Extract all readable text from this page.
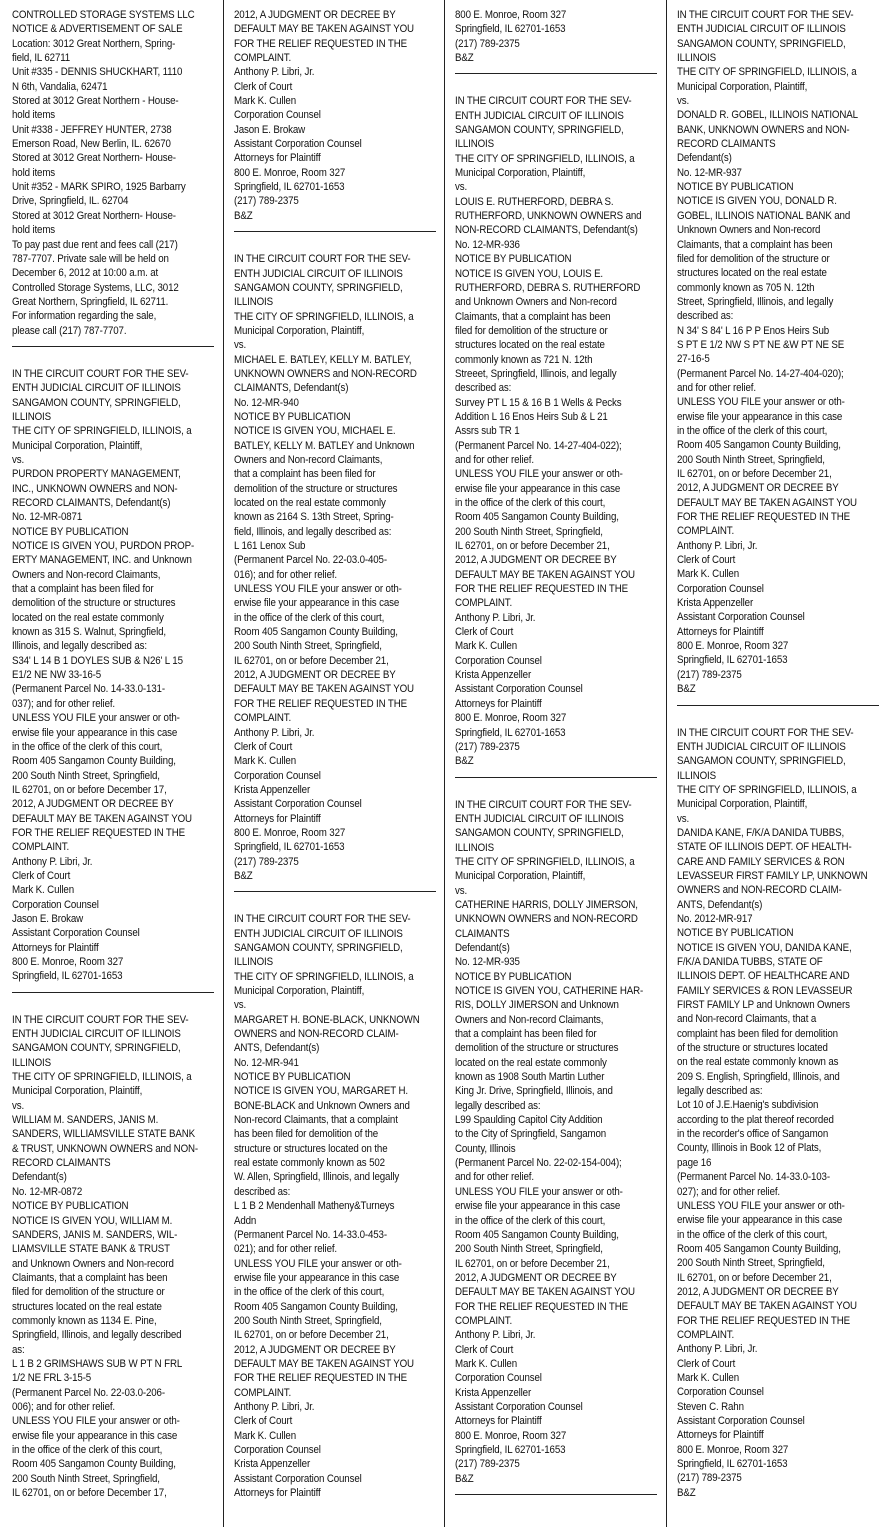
CONTROLLED STORAGE SYSTEMS LLC
NOTICE & ADVERTISEMENT OF SALE
Location: 3012 Great Northern, Spring-
field, IL 62711
Unit #335 - DENNIS SHUCKHART, 1110
N 6th, Vandalia, 62471
Stored at 3012 Great Northern - House-
hold items
Unit #338 - JEFFREY HUNTER, 2738
Emerson Road, New Berlin, IL. 62670
Stored at 3012 Great Northern- House-
hold items
Unit #352 - MARK SPIRO, 1925 Barbarry
Drive, Springfield, IL. 62704
Stored at 3012 Great Northern- House-
hold items
To pay past due rent and fees call (217)
787-7707. Private sale will be held on
December 6, 2012 at 10:00 a.m. at
Controlled Storage Systems, LLC, 3012
Great Northern, Springfield, IL 62711.
For information regarding the sale,
please call (217) 787-7707.
IN THE CIRCUIT COURT FOR THE SEV-
ENTH JUDICIAL CIRCUIT OF ILLINOIS
SANGAMON COUNTY, SPRINGFIELD,
ILLINOIS
THE CITY OF SPRINGFIELD, ILLINOIS, a
Municipal Corporation, Plaintiff,
vs.
PURDON PROPERTY MANAGEMENT,
INC., UNKNOWN OWNERS and NON-
RECORD CLAIMANTS, Defendant(s)
No. 12-MR-0871
NOTICE BY PUBLICATION
NOTICE IS GIVEN YOU, PURDON PROP-
ERTY MANAGEMENT, INC. and Unknown
Owners and Non-record Claimants,
that a complaint has been filed for
demolition of the structure or structures
located on the real estate commonly
known as 315 S. Walnut, Springfield,
Illinois, and legally described as:
S34' L 14 B 1 DOYLES SUB & N26' L 15
E1/2 NE NW 33-16-5
(Permanent Parcel No. 14-33.0-131-
037); and for other relief.
UNLESS YOU FILE your answer or oth-
erwise file your appearance in this case
in the office of the clerk of this court,
Room 405 Sangamon County Building,
200 South Ninth Street, Springfield,
IL 62701, on or before December 17,
2012, A JUDGMENT OR DECREE BY
DEFAULT MAY BE TAKEN AGAINST YOU
FOR THE RELIEF REQUESTED IN THE
COMPLAINT.
Anthony P. Libri, Jr.
Clerk of Court
Mark K. Cullen
Corporation Counsel
Jason E. Brokaw
Assistant Corporation Counsel
Attorneys for Plaintiff
800 E. Monroe, Room 327
Springfield, IL 62701-1653
IN THE CIRCUIT COURT FOR THE SEV-
ENTH JUDICIAL CIRCUIT OF ILLINOIS
SANGAMON COUNTY, SPRINGFIELD,
ILLINOIS
THE CITY OF SPRINGFIELD, ILLINOIS, a
Municipal Corporation, Plaintiff,
vs.
WILLIAM M. SANDERS, JANIS M.
SANDERS, WILLIAMSVILLE STATE BANK
& TRUST, UNKNOWN OWNERS and NON-
RECORD CLAIMANTS
Defendant(s)
No. 12-MR-0872
NOTICE BY PUBLICATION
NOTICE IS GIVEN YOU, WILLIAM M.
SANDERS, JANIS M. SANDERS, WIL-
LIAMSVILLE STATE BANK & TRUST
and Unknown Owners and Non-record
Claimants, that a complaint has been
filed for demolition of the structure or
structures located on the real estate
commonly known as 1134 E. Pine,
Springfield, Illinois, and legally described
as:
L 1 B 2 GRIMSHAWS SUB W PT N FRL
1/2 NE FRL 3-15-5
(Permanent Parcel No. 22-03.0-206-
006); and for other relief.
UNLESS YOU FILE your answer or oth-
erwise file your appearance in this case
in the office of the clerk of this court,
Room 405 Sangamon County Building,
200 South Ninth Street, Springfield,
IL 62701, on or before December 17,
2012, A JUDGMENT OR DECREE BY
DEFAULT MAY BE TAKEN AGAINST YOU
FOR THE RELIEF REQUESTED IN THE
COMPLAINT.
Anthony P. Libri, Jr.
Clerk of Court
Mark K. Cullen
Corporation Counsel
Jason E. Brokaw
Assistant Corporation Counsel
Attorneys for Plaintiff
800 E. Monroe, Room 327
Springfield, IL 62701-1653
(217) 789-2375
B&Z
IN THE CIRCUIT COURT FOR THE SEV-
ENTH JUDICIAL CIRCUIT OF ILLINOIS
SANGAMON COUNTY, SPRINGFIELD,
ILLINOIS
THE CITY OF SPRINGFIELD, ILLINOIS, a
Municipal Corporation, Plaintiff,
vs.
MICHAEL E. BATLEY, KELLY M. BATLEY,
UNKNOWN OWNERS and NON-RECORD
CLAIMANTS, Defendant(s)
No. 12-MR-940
NOTICE BY PUBLICATION
NOTICE IS GIVEN YOU, MICHAEL E.
BATLEY, KELLY M. BATLEY and Unknown
Owners and Non-record Claimants,
that a complaint has been filed for
demolition of the structure or structures
located on the real estate commonly
known as 2164 S. 13th Street, Spring-
field, Illinois, and legally described as:
L 161 Lenox Sub
(Permanent Parcel No. 22-03.0-405-
016); and for other relief.
UNLESS YOU FILE your answer or oth-
erwise file your appearance in this case
in the office of the clerk of this court,
Room 405 Sangamon County Building,
200 South Ninth Street, Springfield,
IL 62701, on or before December 21,
2012, A JUDGMENT OR DECREE BY
DEFAULT MAY BE TAKEN AGAINST YOU
FOR THE RELIEF REQUESTED IN THE
COMPLAINT.
Anthony P. Libri, Jr.
Clerk of Court
Mark K. Cullen
Corporation Counsel
Krista Appenzeller
Assistant Corporation Counsel
Attorneys for Plaintiff
800 E. Monroe, Room 327
Springfield, IL 62701-1653
(217) 789-2375
B&Z
IN THE CIRCUIT COURT FOR THE SEV-
ENTH JUDICIAL CIRCUIT OF ILLINOIS
SANGAMON COUNTY, SPRINGFIELD,
ILLINOIS
THE CITY OF SPRINGFIELD, ILLINOIS, a
Municipal Corporation, Plaintiff,
vs.
MARGARET H. BONE-BLACK, UNKNOWN
OWNERS and NON-RECORD CLAIM-
ANTS, Defendant(s)
No. 12-MR-941
NOTICE BY PUBLICATION
NOTICE IS GIVEN YOU, MARGARET H.
BONE-BLACK and Unknown Owners and
Non-record Claimants, that a complaint
has been filed for demolition of the
structure or structures located on the
real estate commonly known as 502
W. Allen, Springfield, Illinois, and legally
described as:
L 1 B 2 Mendenhall Matheny&Turneys
Addn
(Permanent Parcel No. 14-33.0-453-
021); and for other relief.
UNLESS YOU FILE your answer or oth-
erwise file your appearance in this case
in the office of the clerk of this court,
Room 405 Sangamon County Building,
200 South Ninth Street, Springfield,
IL 62701, on or before December 21,
2012, A JUDGMENT OR DECREE BY
DEFAULT MAY BE TAKEN AGAINST YOU
FOR THE RELIEF REQUESTED IN THE
COMPLAINT.
Anthony P. Libri, Jr.
Clerk of Court
Mark K. Cullen
Corporation Counsel
Krista Appenzeller
Assistant Corporation Counsel
Attorneys for Plaintiff
800 E. Monroe, Room 327
Springfield, IL 62701-1653
(217) 789-2375
B&Z
IN THE CIRCUIT COURT FOR THE SEV-
ENTH JUDICIAL CIRCUIT OF ILLINOIS
SANGAMON COUNTY, SPRINGFIELD,
ILLINOIS
THE CITY OF SPRINGFIELD, ILLINOIS, a
Municipal Corporation, Plaintiff,
vs.
LOUIS E. RUTHERFORD, DEBRA S.
RUTHERFORD, UNKNOWN OWNERS and
NON-RECORD CLAIMANTS, Defendant(s)
No. 12-MR-936
NOTICE BY PUBLICATION
NOTICE IS GIVEN YOU, LOUIS E.
RUTHERFORD, DEBRA S. RUTHERFORD
and Unknown Owners and Non-record
Claimants, that a complaint has been
filed for demolition of the structure or
structures located on the real estate
commonly known as 721 N. 12th
Streeet, Springfield, Illinois, and legally
described as:
Survey PT L 15 & 16 B 1 Wells & Pecks
Addition L 16 Enos Heirs Sub & L 21
Assrs sub TR 1
(Permanent Parcel No. 14-27-404-022);
and for other relief.
UNLESS YOU FILE your answer or oth-
erwise file your appearance in this case
in the office of the clerk of this court,
Room 405 Sangamon County Building,
200 South Ninth Street, Springfield,
IL 62701, on or before December 21,
2012, A JUDGMENT OR DECREE BY
DEFAULT MAY BE TAKEN AGAINST YOU
FOR THE RELIEF REQUESTED IN THE
COMPLAINT.
Anthony P. Libri, Jr.
Clerk of Court
Mark K. Cullen
Corporation Counsel
Krista Appenzeller
Assistant Corporation Counsel
Attorneys for Plaintiff
800 E. Monroe, Room 327
Springfield, IL 62701-1653
(217) 789-2375
B&Z
IN THE CIRCUIT COURT FOR THE SEV-
ENTH JUDICIAL CIRCUIT OF ILLINOIS
SANGAMON COUNTY, SPRINGFIELD,
ILLINOIS
THE CITY OF SPRINGFIELD, ILLINOIS, a
Municipal Corporation, Plaintiff,
vs.
CATHERINE HARRIS, DOLLY JIMERSON,
UNKNOWN OWNERS and NON-RECORD
CLAIMANTS
Defendant(s)
No. 12-MR-935
NOTICE BY PUBLICATION
NOTICE IS GIVEN YOU, CATHERINE HAR-
RIS, DOLLY JIMERSON and Unknown
Owners and Non-record Claimants,
that a complaint has been filed for
demolition of the structure or structures
located on the real estate commonly
known as 1908 South Martin Luther
King Jr. Drive, Springfield, Illinois, and
legally described as:
L99 Spaulding Capitol City Addition
to the City of Springfield, Sangamon
County, Illinois
(Permanent Parcel No. 22-02-154-004);
and for other relief.
UNLESS YOU FILE your answer or oth-
erwise file your appearance in this case
in the office of the clerk of this court,
Room 405 Sangamon County Building,
200 South Ninth Street, Springfield,
IL 62701, on or before December 21,
2012, A JUDGMENT OR DECREE BY
DEFAULT MAY BE TAKEN AGAINST YOU
FOR THE RELIEF REQUESTED IN THE
COMPLAINT.
Anthony P. Libri, Jr.
Clerk of Court
Mark K. Cullen
Corporation Counsel
Krista Appenzeller
Assistant Corporation Counsel
Attorneys for Plaintiff
800 E. Monroe, Room 327
Springfield, IL 62701-1653
(217) 789-2375
B&Z
IN THE CIRCUIT COURT FOR THE SEV-
ENTH JUDICIAL CIRCUIT OF ILLINOIS
SANGAMON COUNTY, SPRINGFIELD,
ILLINOIS
THE CITY OF SPRINGFIELD, ILLINOIS, a
Municipal Corporation, Plaintiff,
vs.
DONALD R. GOBEL, ILLINOIS NATIONAL
BANK, UNKNOWN OWNERS and NON-
RECORD CLAIMANTS
Defendant(s)
No. 12-MR-937
NOTICE BY PUBLICATION
NOTICE IS GIVEN YOU, DONALD R.
GOBEL, ILLINOIS NATIONAL BANK and
Unknown Owners and Non-record
Claimants, that a complaint has been
filed for demolition of the structure or
structures located on the real estate
commonly known as 705 N. 12th
Street, Springfield, Illinois, and legally
described as:
N 34' S 84' L 16 P P Enos Heirs Sub
S PT E 1/2 NW S PT NE &W PT NE SE
27-16-5
(Permanent Parcel No. 14-27-404-020);
and for other relief.
UNLESS YOU FILE your answer or oth-
erwise file your appearance in this case
in the office of the clerk of this court,
Room 405 Sangamon County Building,
200 South Ninth Street, Springfield,
IL 62701, on or before December 21,
2012, A JUDGMENT OR DECREE BY
DEFAULT MAY BE TAKEN AGAINST YOU
FOR THE RELIEF REQUESTED IN THE
COMPLAINT.
Anthony P. Libri, Jr.
Clerk of Court
Mark K. Cullen
Corporation Counsel
Krista Appenzeller
Assistant Corporation Counsel
Attorneys for Plaintiff
800 E. Monroe, Room 327
Springfield, IL 62701-1653
(217) 789-2375
B&Z
IN THE CIRCUIT COURT FOR THE SEV-
ENTH JUDICIAL CIRCUIT OF ILLINOIS
SANGAMON COUNTY, SPRINGFIELD,
ILLINOIS
THE CITY OF SPRINGFIELD, ILLINOIS, a
Municipal Corporation, Plaintiff,
vs.
DANIDA KANE, F/K/A DANIDA TUBBS,
STATE OF ILLINOIS DEPT. OF HEALTH-
CARE AND FAMILY SERVICES & RON
LEVASSEUR FIRST FAMILY LP, UNKNOWN
OWNERS and NON-RECORD CLAIM-
ANTS, Defendant(s)
No. 2012-MR-917
NOTICE BY PUBLICATION
NOTICE IS GIVEN YOU, DANIDA KANE,
F/K/A DANIDA TUBBS, STATE OF
ILLINOIS DEPT. OF HEALTHCARE AND
FAMILY SERVICES & RON LEVASSEUR
FIRST FAMILY LP and Unknown Owners
and Non-record Claimants, that a
complaint has been filed for demolition
of the structure or structures located
on the real estate commonly known as
209 S. English, Springfield, Illinois, and
legally described as:
Lot 10 of J.E.Haenig's subdivision
according to the plat thereof recorded
in the recorder's office of Sangamon
County, Illinois in Book 12 of Plats,
page 16
(Permanent Parcel No. 14-33.0-103-
027); and for other relief.
UNLESS YOU FILE your answer or oth-
erwise file your appearance in this case
in the office of the clerk of this court,
Room 405 Sangamon County Building,
200 South Ninth Street, Springfield,
IL 62701, on or before December 21,
2012, A JUDGMENT OR DECREE BY
DEFAULT MAY BE TAKEN AGAINST YOU
FOR THE RELIEF REQUESTED IN THE
COMPLAINT.
Anthony P. Libri, Jr.
Clerk of Court
Mark K. Cullen
Corporation Counsel
Steven C. Rahn
Assistant Corporation Counsel
Attorneys for Plaintiff
800 E. Monroe, Room 327
Springfield, IL 62701-1653
(217) 789-2375
B&Z
